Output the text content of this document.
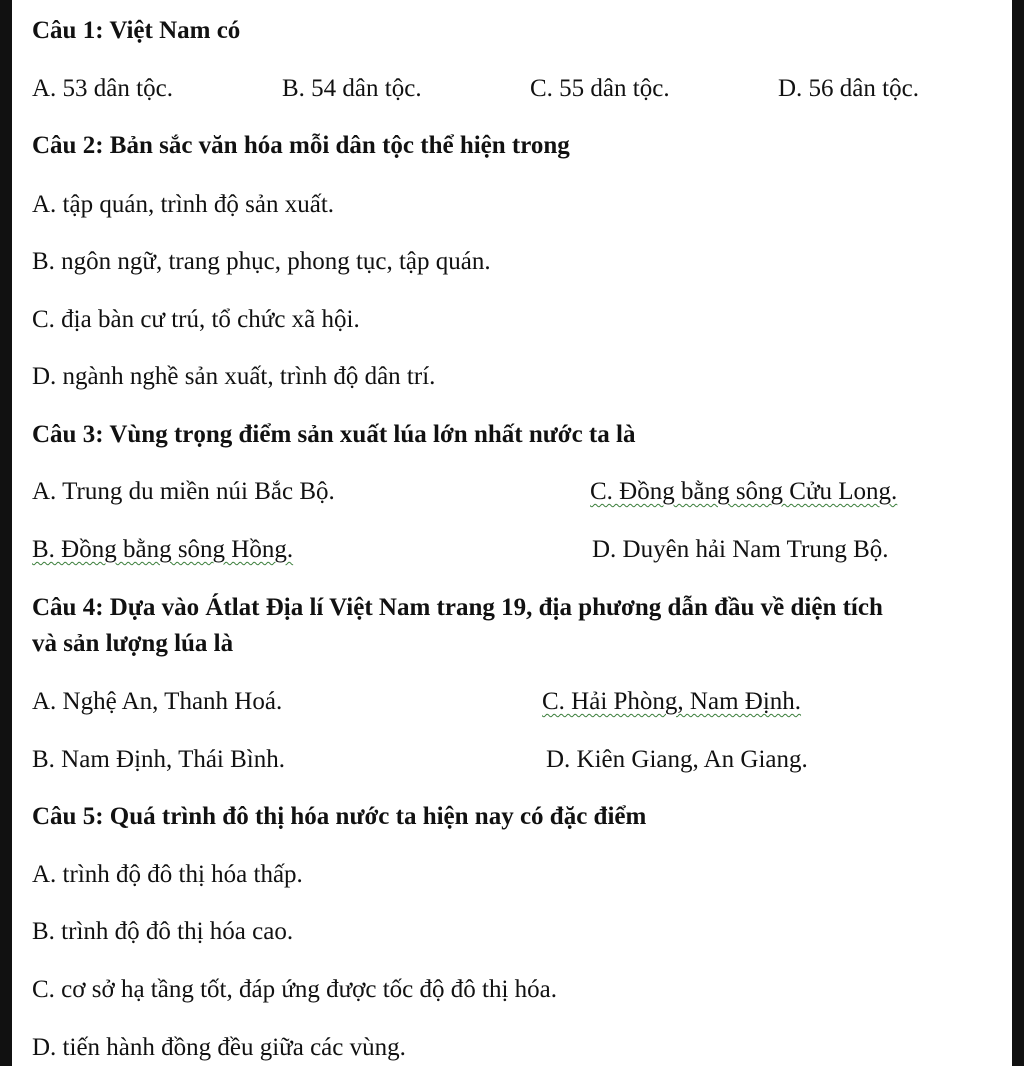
Câu 1: Việt Nam có
A. 53 dân tộc.	B. 54 dân tộc.	C. 55 dân tộc.	D. 56 dân tộc.
Câu 2: Bản sắc văn hóa mỗi dân tộc thể hiện trong
A. tập quán, trình độ sản xuất.
B. ngôn ngữ, trang phục, phong tục, tập quán.
C. địa bàn cư trú, tổ chức xã hội.
D. ngành nghề sản xuất, trình độ dân trí.
Câu 3: Vùng trọng điểm sản xuất lúa lớn nhất nước ta là
A. Trung du miền núi Bắc Bộ.	C. Đồng bằng sông Cửu Long.
B. Đồng bằng sông Hồng.	D. Duyên hải Nam Trung Bộ.
Câu 4: Dựa vào Átlat Địa lí Việt Nam trang 19, địa phương dẫn đầu về diện tích
và sản lượng lúa là
A. Nghệ An, Thanh Hoá.	C. Hải Phòng, Nam Định.
B. Nam Định, Thái Bình.	D. Kiên Giang, An Giang.
Câu 5: Quá trình đô thị hóa nước ta hiện nay có đặc điểm
A. trình độ đô thị hóa thấp.
B. trình độ đô thị hóa cao.
C. cơ sở hạ tầng tốt, đáp ứng được tốc độ đô thị hóa.
D. tiến hành đồng đều giữa các vùng.
